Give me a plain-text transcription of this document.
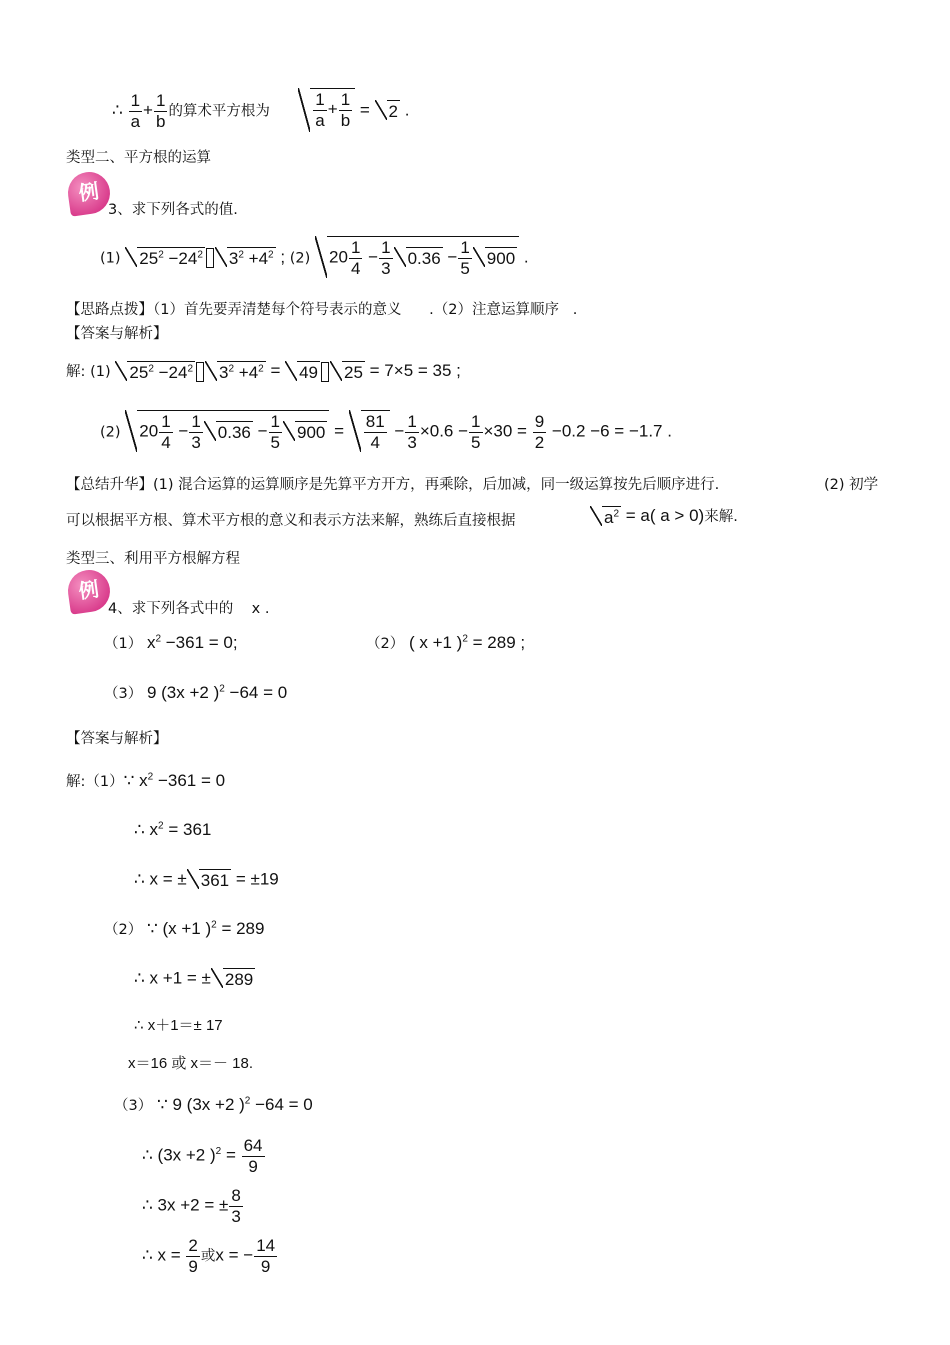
∴ $\frac{1}{a} + \frac{1}{b}$ 的算术平方根为	$\frac{1}{a} + \frac{1}{b} = 2$ .
类型二、平方根的运算
例
3、求下列各式的值.
(1) $25^2 -24^2$ $3^2 +4^2$ ; (2) $20 \frac{1}{4} - \frac{1}{3} 0.36 - \frac{1}{5} 900$ .
【思路点拨】（1）首先要弄清楚每个符号表示的意义 .（2）注意运算顺序   .
【答案与解析】
解: (1) $25^2 -24^2$ $3^2 +4^2 = 49$ 25 = 7×5 = 35 ;
(2) $20 \frac{1}{4} - \frac{1}{3} 0.36 - \frac{1}{5} 900 = \frac{81}{4} - \frac{1}{3} \times 0.6 - \frac{1}{5} \times 30 = \frac{9}{2} -0.2 -6 = -1.7$ .
【总结升华】(1) 混合运算的运算顺序是先算平方开方，再乘除，后加减，同一级运算按先后顺序进行.	(2) 初学
可以根据平方根、算术平方根的意义和表示方法来解，熟练后直接根据	$a^2 = a$( a > 0)来解.
类型三、利用平方根解方程
例
4、求下列各式中的 x .
（1） $x^2 -361 = 0$;	（2） ( x +1 )$^2$ = 289 ;
（3） 9 (3x +2 )$^2$ −64 = 0
【答案与解析】
解:（1）∵ $x^2 -361 = 0$
∴ $x^2 = 361$
∴ x = ± 361 = ±19
（2） ∵ (x +1 )$^2$ = 289
∴ x +1 = ± 289
∴ x＋1＝± 17
x＝16 或 x＝－ 18.
（3） ∵ 9 (3x +2 )$^2$ −64 = 0
∴ (3x +2 )$^2 = \frac{64}{9}$
∴ 3x +2 = ± $\frac{8}{3}$
∴ $x = \frac{2}{9}$ 或x = − $\frac{14}{9}$
